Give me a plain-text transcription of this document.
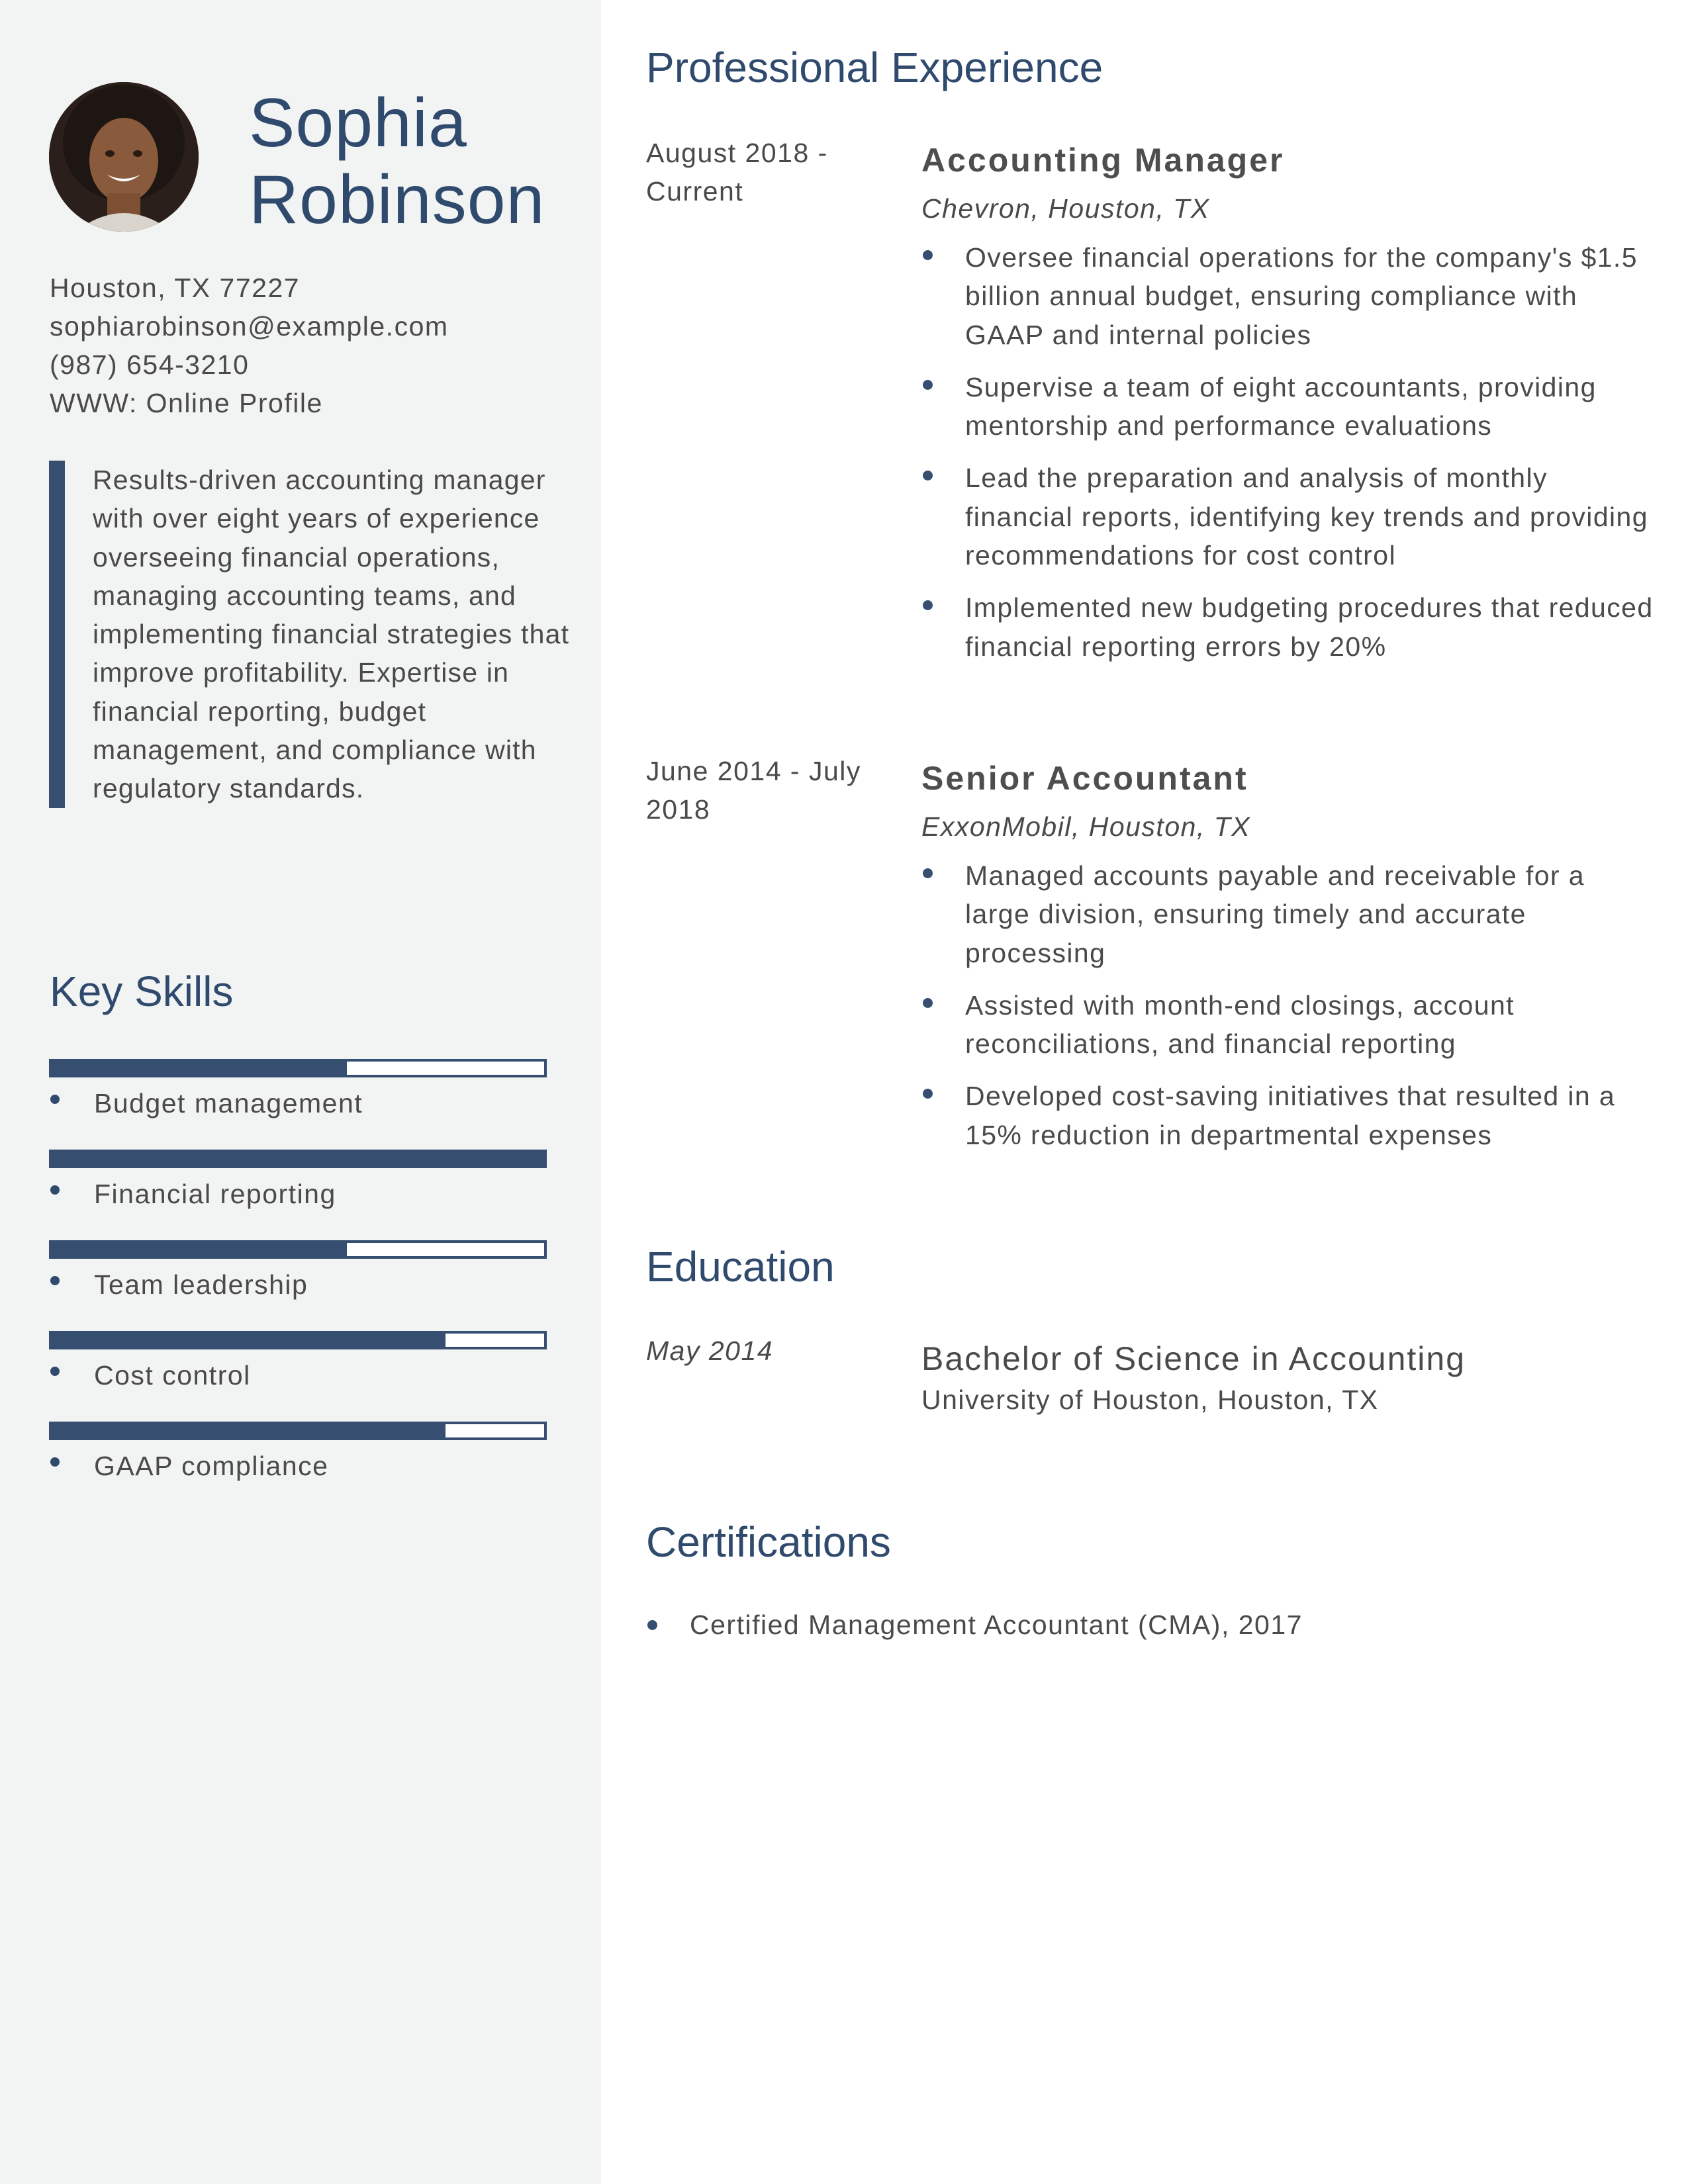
Sophia
Robinson
Houston, TX 77227
sophiarobinson@example.com
(987) 654-3210
WWW: Online Profile
Results-driven accounting manager with over eight years of experience overseeing financial operations, managing accounting teams, and implementing financial strategies that improve profitability. Expertise in financial reporting, budget management, and compliance with regulatory standards.
Key Skills
Budget management
Financial reporting
Team leadership
Cost control
GAAP compliance
Professional Experience
August 2018 - Current
Accounting Manager
Chevron, Houston, TX
Oversee financial operations for the company's $1.5 billion annual budget, ensuring compliance with GAAP and internal policies
Supervise a team of eight accountants, providing mentorship and performance evaluations
Lead the preparation and analysis of monthly financial reports, identifying key trends and providing recommendations for cost control
Implemented new budgeting procedures that reduced financial reporting errors by 20%
June 2014 - July 2018
Senior Accountant
ExxonMobil, Houston, TX
Managed accounts payable and receivable for a large division, ensuring timely and accurate processing
Assisted with month-end closings, account reconciliations, and financial reporting
Developed cost-saving initiatives that resulted in a 15% reduction in departmental expenses
Education
May 2014	Bachelor of Science in Accounting
University of Houston, Houston, TX
Certifications
Certified Management Accountant (CMA), 2017
